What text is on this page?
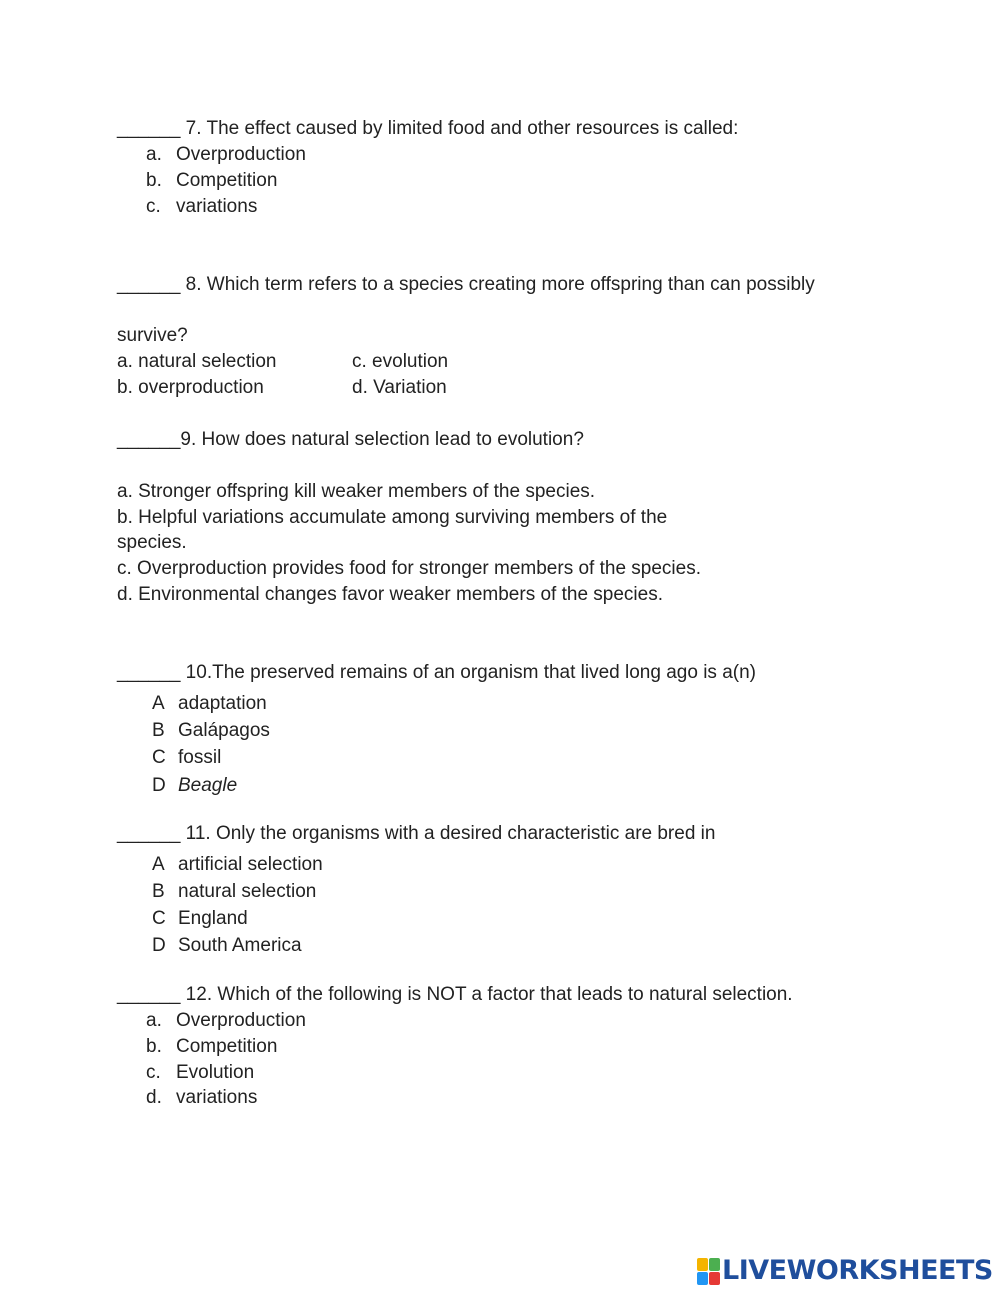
______ 7. The effect caused by limited food and other resources is called:
a. Overproduction
b. Competition
c. variations
______ 8. Which term refers to a species creating more offspring than can possibly
survive?
a. natural selection
b. overproduction
c. evolution
d. Variation
______9. How does natural selection lead to evolution?
a. Stronger offspring kill weaker members of the species.
b. Helpful variations accumulate among surviving members of the
species.
c. Overproduction provides food for stronger members of the species.
d. Environmental changes favor weaker members of the species.
______ 10.The preserved remains of an organism that lived long ago is a(n)
A adaptation
B Galápagos
C fossil
D Beagle
______ 11. Only the organisms with a desired characteristic are bred in
A artificial selection
B natural selection
C England
D South America
______ 12. Which of the following is NOT a factor that leads to natural selection.
a. Overproduction
b. Competition
c. Evolution
d. variations
LIVEWORKSHEETS
